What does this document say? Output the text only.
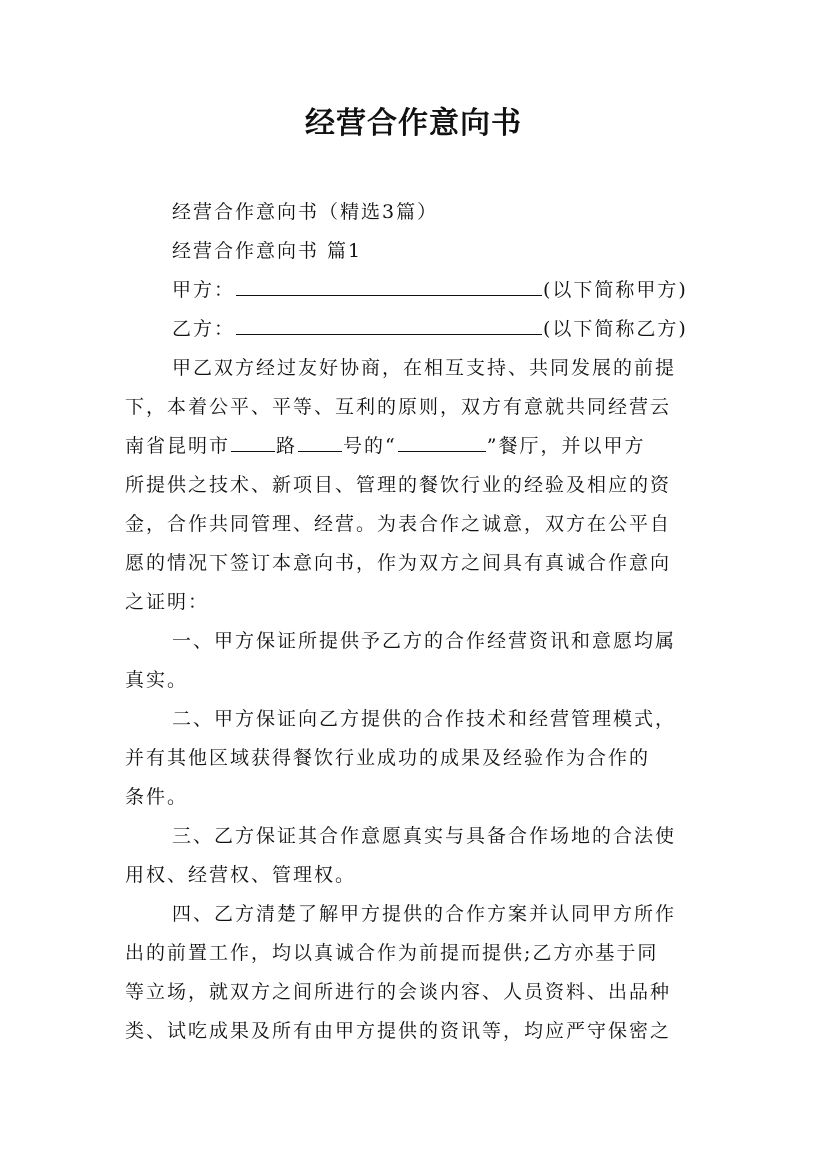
经营合作意向书
经营合作意向书（精选3篇）
经营合作意向书 篇1
甲方：	(以下简称甲方)
乙方：	(以下简称乙方)
甲乙双方经过友好协商，在相互支持、共同发展的前提
下，本着公平、平等、互利的原则，双方有意就共同经营云
南省昆明市 路 号的“	”餐厅，并以甲方
所提供之技术、新项目、管理的餐饮行业的经验及相应的资
金，合作共同管理、经营。为表合作之诚意，双方在公平自
愿的情况下签订本意向书，作为双方之间具有真诚合作意向
之证明：
一、甲方保证所提供予乙方的合作经营资讯和意愿均属
真实。
二、甲方保证向乙方提供的合作技术和经营管理模式，
并有其他区域获得餐饮行业成功的成果及经验作为合作的
条件。
三、乙方保证其合作意愿真实与具备合作场地的合法使
用权、经营权、管理权。
四、乙方清楚了解甲方提供的合作方案并认同甲方所作
出的前置工作，均以真诚合作为前提而提供;乙方亦基于同
等立场，就双方之间所进行的会谈内容、人员资料、出品种
类、试吃成果及所有由甲方提供的资讯等，均应严守保密之
